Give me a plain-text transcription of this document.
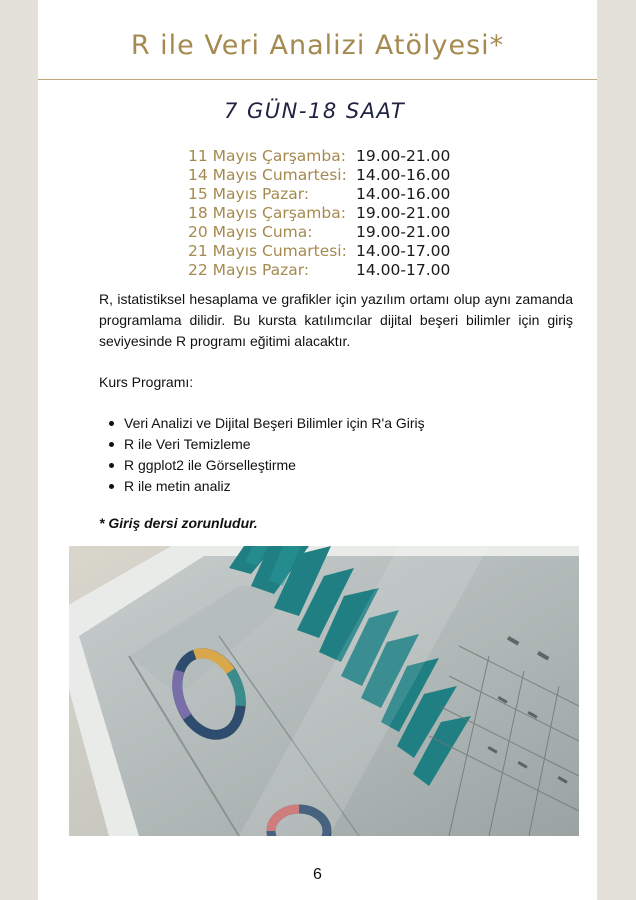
R ile Veri Analizi Atölyesi*
7 GÜN-18 SAAT
11 Mayıs Çarşamba: 19.00-21.00
14 Mayıs Cumartesi: 14.00-16.00
15 Mayıs Pazar:	14.00-16.00
18 Mayıs Çarşamba: 19.00-21.00
20 Mayıs Cuma:	19.00-21.00
21 Mayıs Cumartesi: 14.00-17.00
22 Mayıs Pazar:	14.00-17.00
R, istatistiksel hesaplama ve grafikler için yazılım ortamı olup aynı zamanda programlama dilidir. Bu kursta katılımcılar dijital beşeri bilimler için giriş seviyesinde R programı eğitimi alacaktır.
Kurs Programı:
Veri Analizi ve Dijital Beşeri Bilimler için R'a Giriş
R ile Veri Temizleme
R ggplot2 ile Görselleştirme
R ile metin analiz
* Giriş dersi zorunludur.
6
